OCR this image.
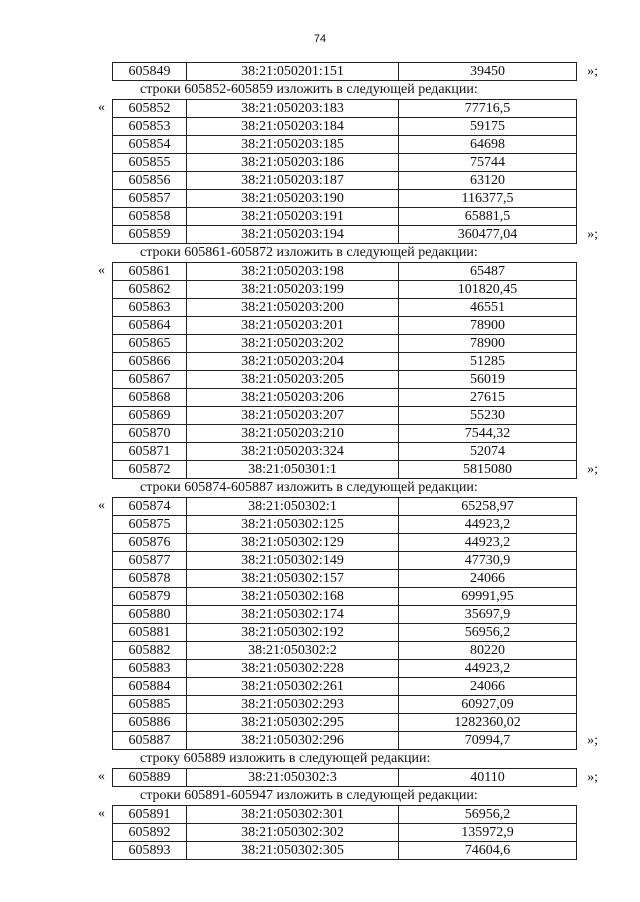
74
605849	38:21:050201:151	39450	»;
строки 605852-605859 изложить в следующей редакции:
« 605852	38:21:050203:183	77716,5
605853	38:21:050203:184	59175
605854	38:21:050203:185	64698
605855	38:21:050203:186	75744
605856	38:21:050203:187	63120
605857	38:21:050203:190	116377,5
605858	38:21:050203:191	65881,5
605859	38:21:050203:194	360477,04	»;
строки 605861-605872 изложить в следующей редакции:
« 605861	38:21:050203:198	65487
605862	38:21:050203:199	101820,45
605863	38:21:050203:200	46551
605864	38:21:050203:201	78900
605865	38:21:050203:202	78900
605866	38:21:050203:204	51285
605867	38:21:050203:205	56019
605868	38:21:050203:206	27615
605869	38:21:050203:207	55230
605870	38:21:050203:210	7544,32
605871	38:21:050203:324	52074
605872	38:21:050301:1	5815080	»;
строки 605874-605887 изложить в следующей редакции:
« 605874	38:21:050302:1	65258,97
605875	38:21:050302:125	44923,2
605876	38:21:050302:129	44923,2
605877	38:21:050302:149	47730,9
605878	38:21:050302:157	24066
605879	38:21:050302:168	69991,95
605880	38:21:050302:174	35697,9
605881	38:21:050302:192	56956,2
605882	38:21:050302:2	80220
605883	38:21:050302:228	44923,2
605884	38:21:050302:261	24066
605885	38:21:050302:293	60927,09
605886	38:21:050302:295	1282360,02
605887	38:21:050302:296	70994,7	»;
строку 605889 изложить в следующей редакции:
« 605889	38:21:050302:3	40110	»;
строки 605891-605947 изложить в следующей редакции:
« 605891	38:21:050302:301	56956,2
605892	38:21:050302:302	135972,9
605893	38:21:050302:305	74604,6
